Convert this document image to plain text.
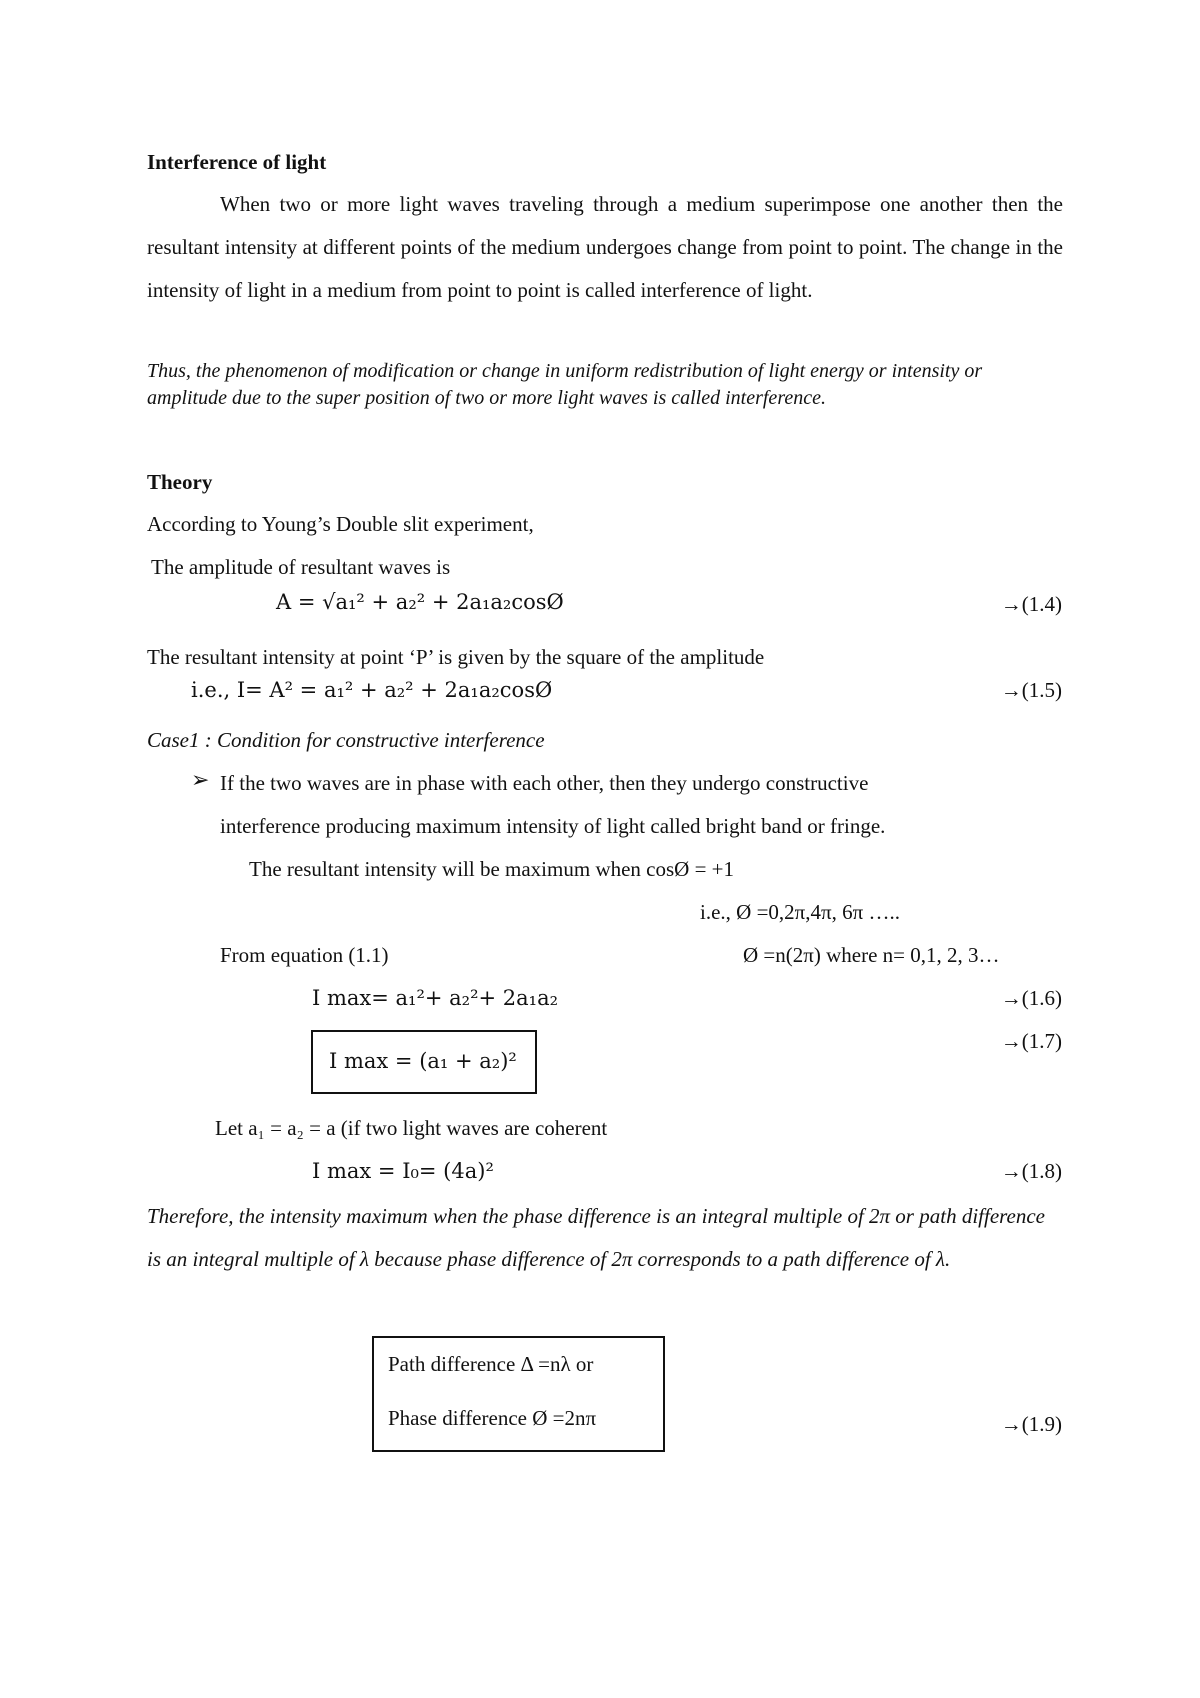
Interference of light
When two or more light waves traveling through a medium superimpose one another then the resultant intensity at different points of the medium undergoes change from point to point. The change in the intensity of light in a medium from point to point is called interference of light.
Thus, the phenomenon of modification or change in uniform redistribution of light energy or intensity or amplitude due to the super position of two or more light waves is called interference.
Theory
According to Young’s Double slit experiment,
The amplitude of resultant waves is
A = √a₁² + a₂² + 2a₁a₂cosØ	→(1.4)
The resultant intensity at point ‘P’ is given by the square of the amplitude
i.e., I= A² = a₁² + a₂² + 2a₁a₂cosØ	→(1.5)
Case1 : Condition for constructive interference
➢ If the two waves are in phase with each other, then they undergo constructive
interference producing maximum intensity of light called bright band or fringe.
The resultant intensity will be maximum when cosØ = +1
i.e., Ø =0,2π,4π, 6π …..
From equation (1.1)	Ø =n(2π) where n= 0,1, 2, 3…
I max= a₁²+ a₂²+ 2a₁a₂	→(1.6)
I max = (a₁ + a₂)²
→(1.7)
Let a₁ = a₂ = a (if two light waves are coherent
I max = I₀= (4a)²	→(1.8)
Therefore, the intensity maximum when the phase difference is an integral multiple of 2π or path difference is an integral multiple of λ because phase difference of 2π corresponds to a path difference of λ.
Path difference Δ =nλ or
Phase difference Ø =2nπ	→(1.9)
